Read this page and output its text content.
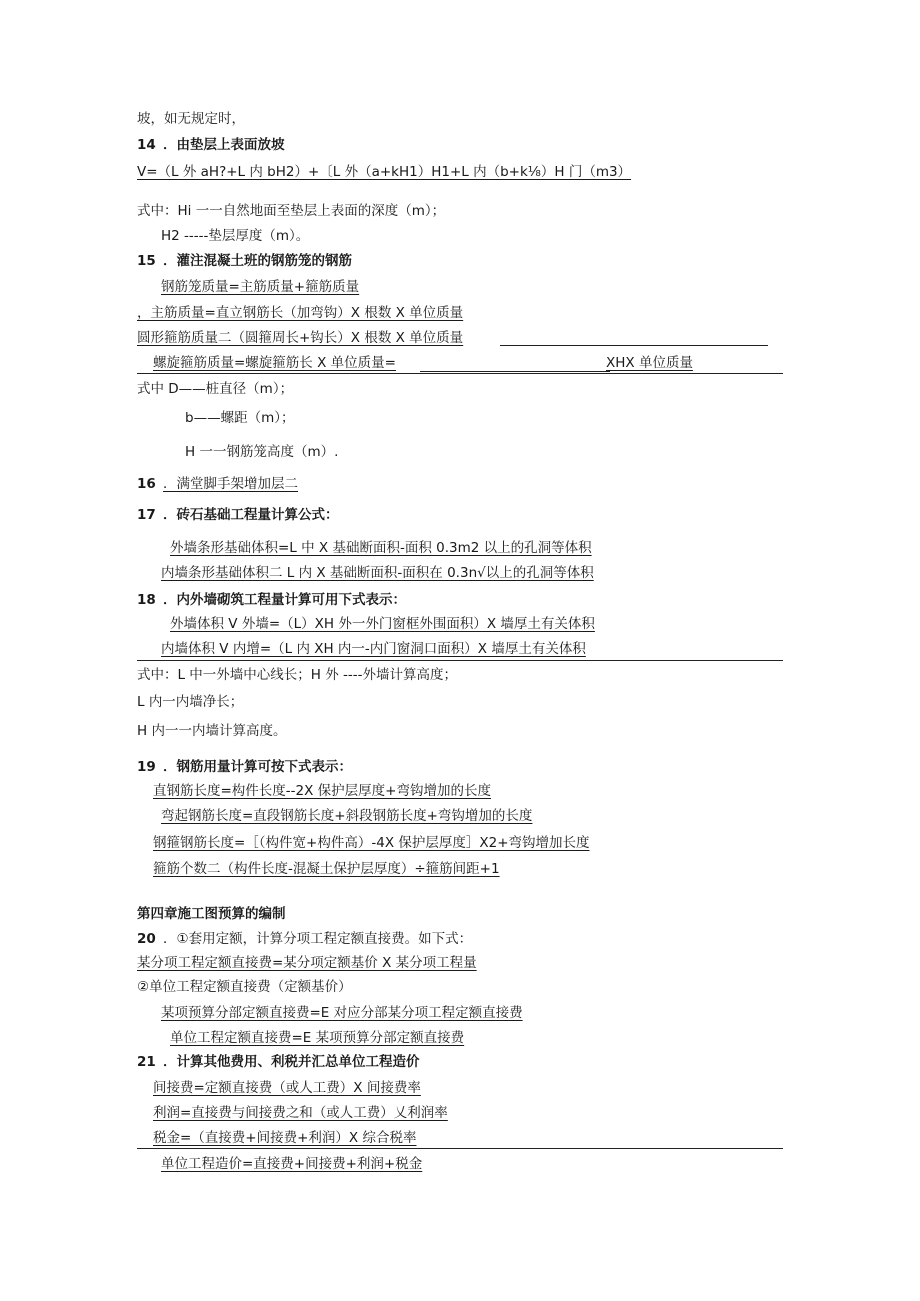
坡，如无规定时，
14 ．由垫层上表面放坡
V=（L 外 aH?+L 内 bH2）+〔L 外（a+kH1）H1+L 内（b+k⅛）H 门（m3）
式中：Hi 一一自然地面至垫层上表面的深度（m）；
H2 -----垫层厚度（m）。
15 ．灌注混凝土班的钢筋笼的钢筋
钢筋笼质量=主筋质量+箍筋质量
，主筋质量=直立钢筋长（加弯钩）X 根数 X 单位质量
圆形箍筋质量二（圆箍周长+钩长）X 根数 X 单位质量
螺旋箍筋质量=螺旋箍筋长 X 单位质量=	XHX 单位质量
式中 D——桩直径（m）；
b——螺距（m）；
H 一一钢筋笼高度（m）.
16 ．满堂脚手架增加层二
17 ．砖石基础工程量计算公式：
外墙条形基础体积=L 中 X 基础断面积-面积 0.3m2 以上的孔洞等体积
内墙条形基础体积二 L 内 X 基础断面积-面积在 0.3n√以上的孔洞等体积
18 ．内外墙砌筑工程量计算可用下式表示：
外墙体积 V 外墙=（L）XH 外一外门窗框外围面积）X 墙厚土有关体积
内墙体积 V 内增=（L 内 XH 内一-内门窗洞口面积）X 墙厚土有关体积
式中：L 中一外墙中心线长；H 外 ----外墙计算高度；
L 内一内墙净长；
H 内一一内墙计算高度。
19 ．钢筋用量计算可按下式表示：
直钢筋长度=构件长度--2X 保护层厚度+弯钩增加的长度
弯起钢筋长度=直段钢筋长度+斜段钢筋长度+弯钩增加的长度
钢箍钢筋长度=［（构件宽+构件高）-4X 保护层厚度］X2+弯钩增加长度
箍筋个数二（构件长度-混凝土保护层厚度）÷箍筋间距+1
第四章施工图预算的编制
20 ．①套用定额，计算分项工程定额直接费。如下式：
某分项工程定额直接费=某分项定额基价 X 某分项工程量
②单位工程定额直接费（定额基价）
某项预算分部定额直接费=E 对应分部某分项工程定额直接费
单位工程定额直接费=E 某项预算分部定额直接费
21 ．计算其他费用、利税并汇总单位工程造价
间接费=定额直接费（或人工费）X 间接费率
利润=直接费与间接费之和（或人工费）乂利润率
税金=（直接费+间接费+利润）X 综合税率
单位工程造价=直接费+间接费+利润+税金
